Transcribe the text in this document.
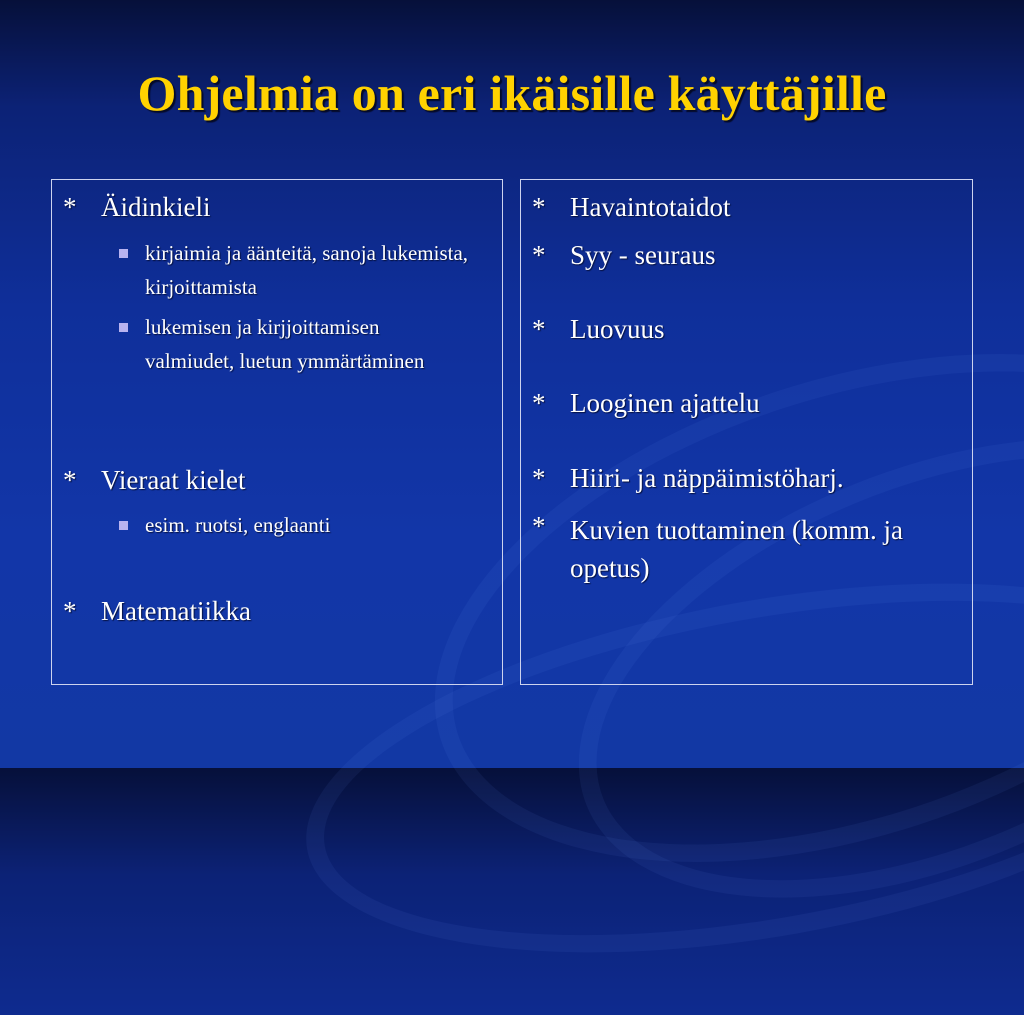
Ohjelmia on eri ikäisille käyttäjille
* Äidinkieli
kirjaimia ja äänteitä, sanoja lukemista, kirjoittamista
lukemisen ja kirjjoittamisen valmiudet, luetun ymmärtäminen
* Vieraat kielet
esim. ruotsi, englaanti
* Matematiikka
* Havaintotaidot
* Syy - seuraus
* Luovuus
* Looginen ajattelu
* Hiiri- ja näppäimistöharj.
* Kuvien tuottaminen (komm. ja opetus)
